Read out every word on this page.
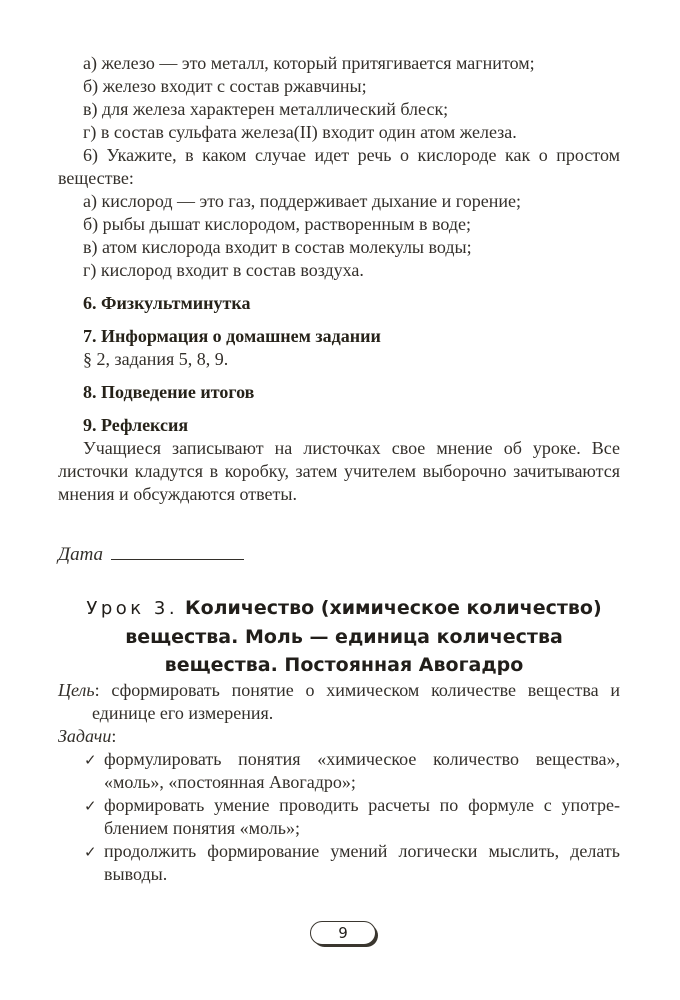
а) железо — это металл, который притягивается магнитом;

б) железо входит с состав ржавчины;

в) для железа характерен металлический блеск;

г) в состав сульфата железа(II) входит один атом железа.

6) Укажите, в каком случае идет речь о кислороде как о простом веществе:

а) кислород — это газ, поддерживает дыхание и горение;

б) рыбы дышат кислородом, растворенным в воде;

в) атом кислорода входит в состав молекулы воды;

г) кислород входит в состав воздуха.

6. Физкультминутка
7. Информация о домашнем задании

§ 2, задания 5, 8, 9.

8. Подведение итогов
9. Рефлексия

Учащиеся записывают на листочках свое мнение об уроке. Все листочки кладутся в коробку, затем учителем выборочно зачитываются мнения и обсуждаются ответы.

Дата
Урок 3. Количество (химическое количество)
вещества. Моль — единица количества
вещества. Постоянная Авогадро

Цель: сформировать понятие о химическом количестве вещества и единице его измерения.

Задачи:

✓ формулировать понятия «химическое количество вещества», «моль», «постоянная Авогадро»;
✓ формировать умение проводить расчеты по формуле с употреблением понятия «моль»;
✓ продолжить формирование умений логически мыслить, делать выводы.
9
